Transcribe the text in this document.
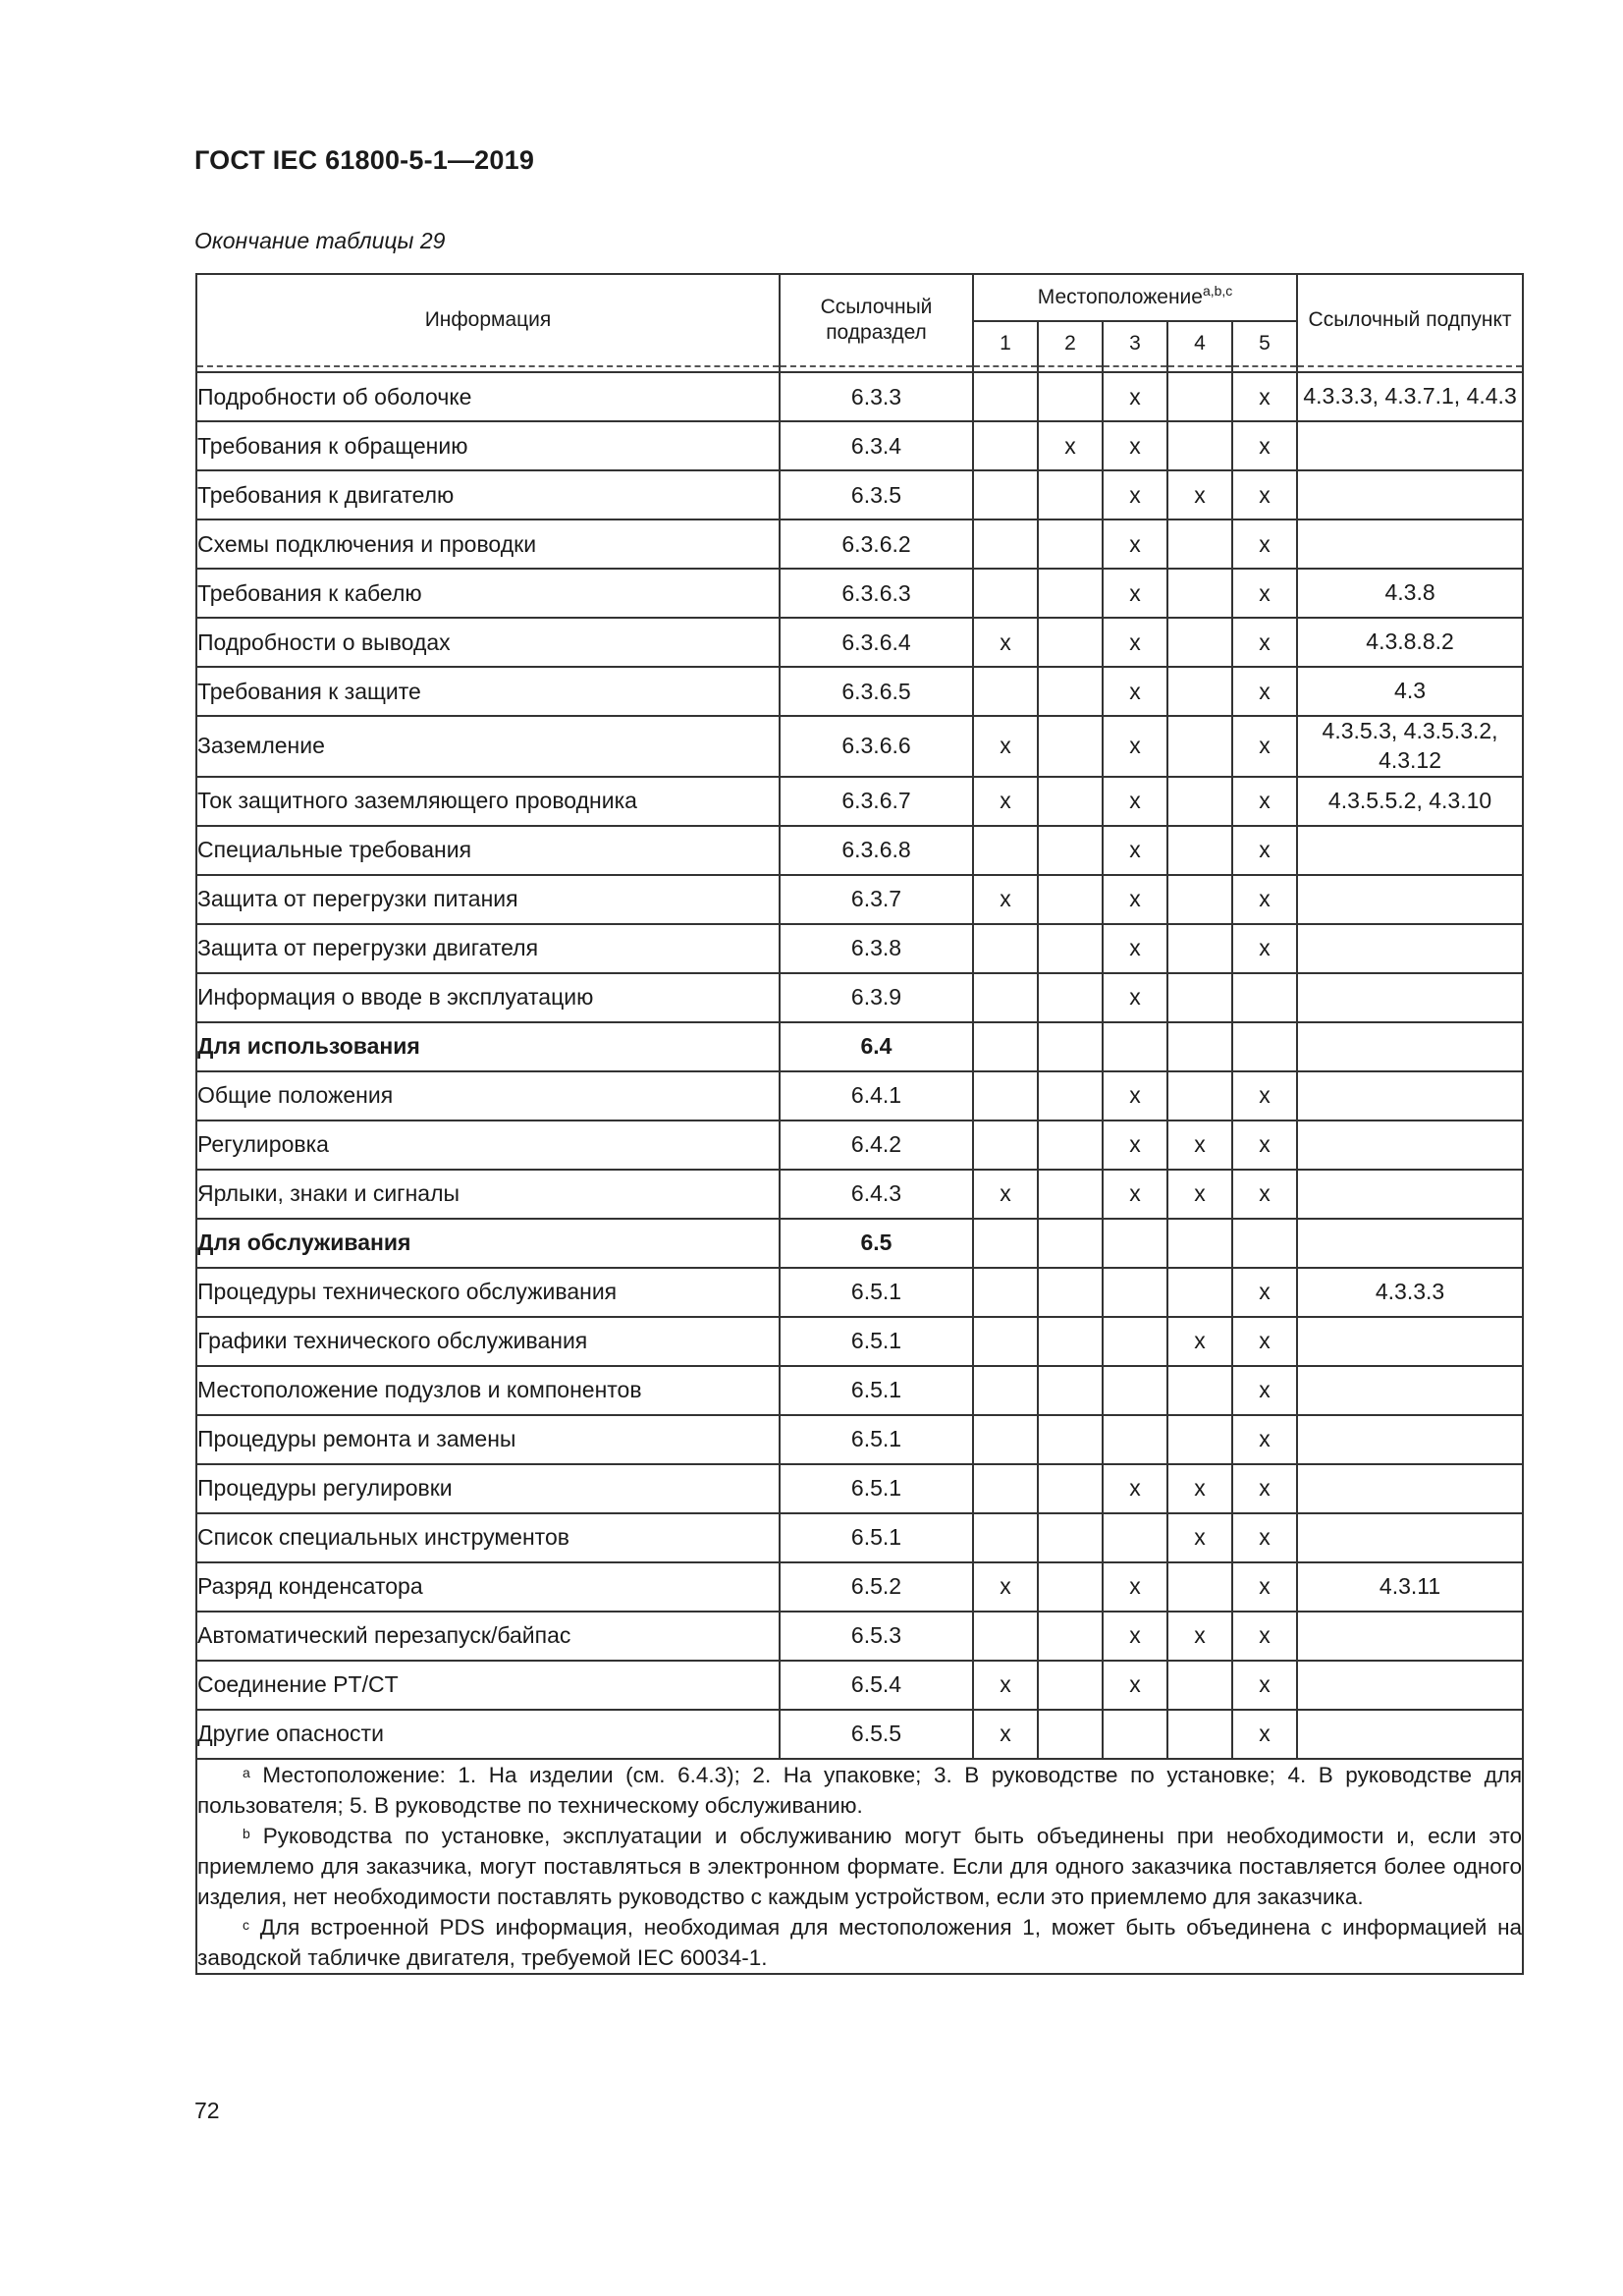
ГОСТ IEC 61800-5-1—2019
Окончание таблицы 29
Информация	Ссылочный подраздел	Местоположение$^{a,b,c}$					Ссылочный подпункт
		1	2	3	4	5	

Подробности об оболочке	6.3.3			x		x	4.3.3.3, 4.3.7.1, 4.4.3
Требования к обращению	6.3.4		x	x		x	
Требования к двигателю	6.3.5			x	x	x	
Схемы подключения и проводки	6.3.6.2			x		x	
Требования к кабелю	6.3.6.3			x		x	4.3.8
Подробности о выводах	6.3.6.4	x		x		x	4.3.8.8.2
Требования к защите	6.3.6.5			x		x	4.3
Заземление	6.3.6.6	x		x		x	4.3.5.3, 4.3.5.3.2, 4.3.12
Ток защитного заземляющего проводника	6.3.6.7	x		x		x	4.3.5.5.2, 4.3.10
Специальные требования	6.3.6.8			x		x	
Защита от перегрузки питания	6.3.7	x		x		x	
Защита от перегрузки двигателя	6.3.8			x		x	
Информация о вводе в эксплуатацию	6.3.9			x			
Для использования	6.4						
Общие положения	6.4.1			x		x	
Регулировка	6.4.2			x	x	x	
Ярлыки, знаки и сигналы	6.4.3	x		x	x	x	
Для обслуживания	6.5						
Процедуры технического обслуживания	6.5.1					x	4.3.3.3
Графики технического обслуживания	6.5.1				x	x	
Местоположение подузлов и компонентов	6.5.1					x	
Процедуры ремонта и замены	6.5.1					x	
Процедуры регулировки	6.5.1			x	x	x	
Список специальных инструментов	6.5.1				x	x	
Разряд конденсатора	6.5.2	x		x		x	4.3.11
Автоматический перезапуск/байпас	6.5.3			x	x	x	
Соединение PT/CT	6.5.4	x		x		x	
Другие опасности	6.5.5	x				x	

$^a$ Местоположение: 1. На изделии (см. 6.4.3); 2. На упаковке; 3. В руководстве по установке; 4. В руководстве для пользователя; 5. В руководстве по техническому обслуживанию.

$^b$ Руководства по установке, эксплуатации и обслуживанию могут быть объединены при необходимости и, если это приемлемо для заказчика, могут поставляться в электронном формате. Если для одного заказчика поставляется более одного изделия, нет необходимости поставлять руководство с каждым устройством, если это приемлемо для заказчика.

$^c$ Для встроенной PDS информация, необходимая для местоположения 1, может быть объединена с информацией на заводской табличке двигателя, требуемой IEC 60034-1.							

72
